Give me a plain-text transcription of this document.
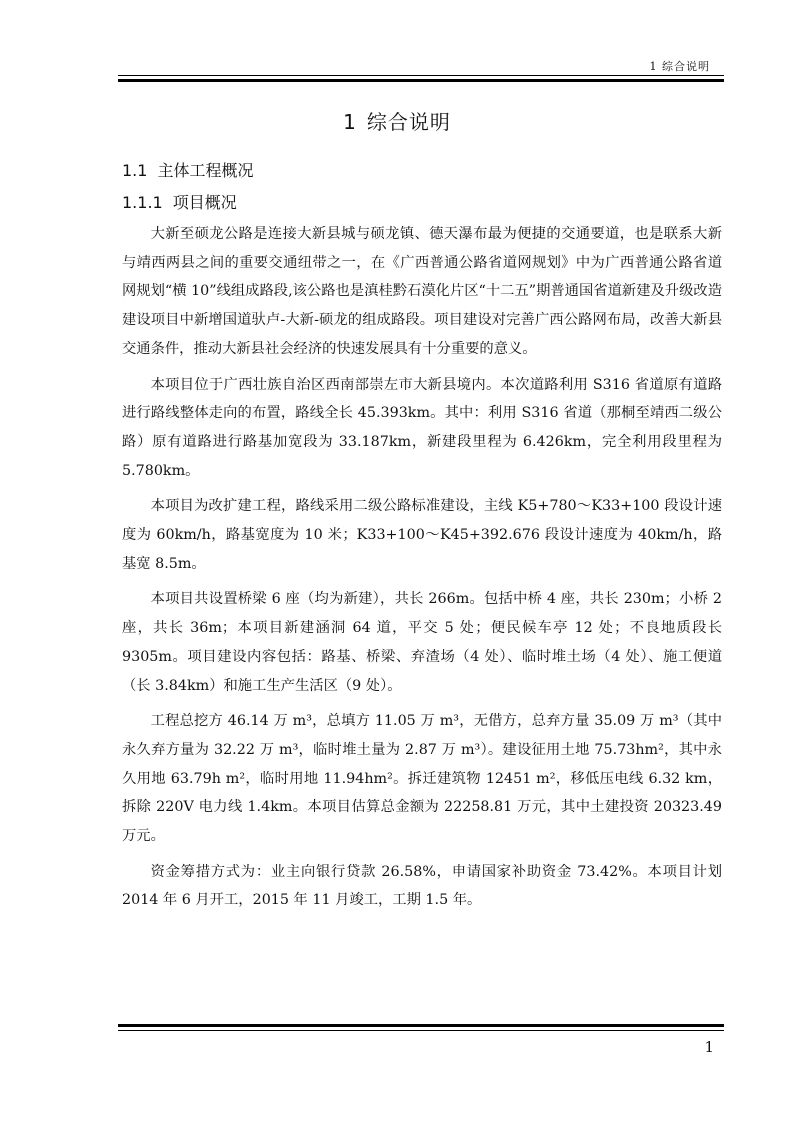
1 综合说明
1 综合说明
1.1 主体工程概况
1.1.1 项目概况

大新至硕龙公路是连接大新县城与硕龙镇、德天瀑布最为便捷的交通要道，也是联系大新与靖西两县之间的重要交通纽带之一，在《广西普通公路省道网规划》中为广西普通公路省道网规划“横 10”线组成路段,该公路也是滇桂黔石漠化片区“十二五”期普通国省道新建及升级改造建设项目中新增国道驮卢-大新-硕龙的组成路段。项目建设对完善广西公路网布局，改善大新县交通条件，推动大新县社会经济的快速发展具有十分重要的意义。

本项目位于广西壮族自治区西南部崇左市大新县境内。本次道路利用 S316 省道原有道路进行路线整体走向的布置，路线全长 45.393km。其中：利用 S316 省道（那桐至靖西二级公路）原有道路进行路基加宽段为 33.187km，新建段里程为 6.426km，完全利用段里程为 5.780km。

本项目为改扩建工程，路线采用二级公路标准建设，主线 K5+780～K33+100 段设计速度为 60km/h，路基宽度为 10 米；K33+100～K45+392.676 段设计速度为 40km/h，路基宽 8.5m。

本项目共设置桥梁 6 座（均为新建），共长 266m。包括中桥 4 座，共长 230m；小桥 2 座，共长 36m；本项目新建涵洞 64 道，平交 5 处；便民候车亭 12 处；不良地质段长 9305m。项目建设内容包括：路基、桥梁、弃渣场（4 处）、临时堆土场（4 处）、施工便道（长 3.84km）和施工生产生活区（9 处）。

工程总挖方 46.14 万 m³，总填方 11.05 万 m³，无借方，总弃方量 35.09 万 m³（其中永久弃方量为 32.22 万 m³，临时堆土量为 2.87 万 m³）。建设征用土地 75.73hm²，其中永久用地 63.79h m²，临时用地 11.94hm²。拆迁建筑物 12451 m²，移低压电线 6.32 km，拆除 220V 电力线 1.4km。本项目估算总金额为 22258.81 万元，其中土建投资 20323.49 万元。

资金筹措方式为：业主向银行贷款 26.58%，申请国家补助资金 73.42%。本项目计划 2014 年 6 月开工，2015 年 11 月竣工，工期 1.5 年。

1
